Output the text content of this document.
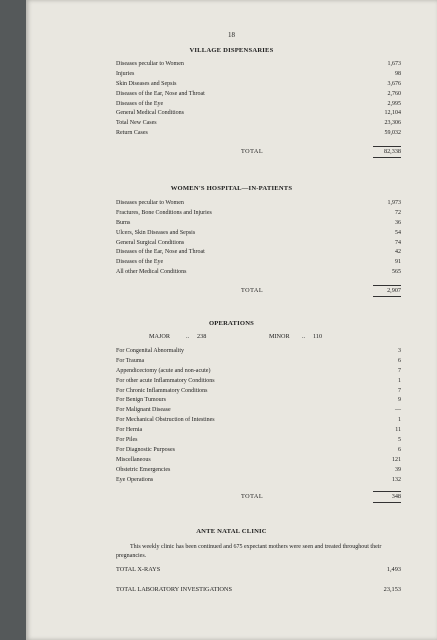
18
VILLAGE DISPENSARIES
Diseases peculiar to Women	1,673
Injuries	98
Skin Diseases and Sepsis	3,676
Diseases of the Ear, Nose and Throat	2,760
Diseases of the Eye	2,995
General Medical Conditions	12,104
Total New Cases	23,306
Return Cases	59,032
TOTAL	82,338
WOMEN'S HOSPITAL—IN-PATIENTS
Diseases peculiar to Women	1,973
Fractures, Bone Conditions and Injuries	72
Burns	36
Ulcers, Skin Diseases and Sepsis	54
General Surgical Conditions	74
Diseases of the Ear, Nose and Throat	42
Diseases of the Eye	91
All other Medical Conditions	565
TOTAL	2,907
OPERATIONS
MAJOR	.. 238	MINOR .. 110
For Congenital Abnormality	3
For Trauma	6
Appendicectomy (acute and non-acute)	7
For other acute Inflammatory Conditions	1
For Chronic Inflammatory Conditions	7
For Benign Tumours	9
For Malignant Disease	—
For Mechanical Obstruction of Intestines	1
For Hernia	11
For Piles	5
For Diagnostic Purposes	6
Miscellaneous	121
Obstetric Emergencies	39
Eye Operations	132
TOTAL	348
ANTE NATAL CLINIC
This weekly clinic has been continued and 675 expectant mothers were seen and treated throughout their pregnancies.
TOTAL X-RAYS	1,493
TOTAL LABORATORY INVESTIGATIONS	23,153
